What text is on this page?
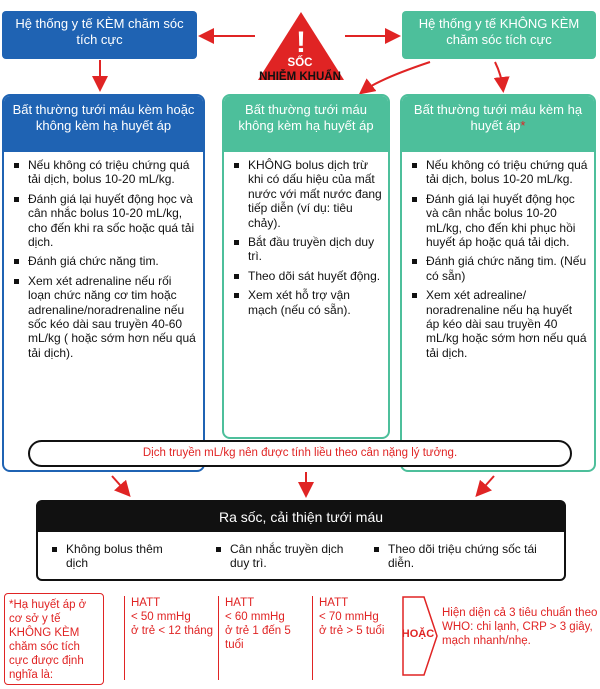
Hệ thống y tế KÈM chăm sóc tích cực
Hệ thống y tế KHÔNG KÈM chăm sóc tích cực
!
SỐC
NHIỄM KHUẨN
Bất thường tưới máu kèm hoặc không kèm hạ huyết áp
Nếu không có triệu chứng quá tải dịch, bolus 10-20 mL/kg.
Đánh giá lại huyết động học và cân nhắc bolus 10-20 mL/kg, cho đến khi ra sốc hoặc quá tải dịch.
Đánh giá chức năng tim.
Xem xét adrenaline nếu rối loạn chức năng cơ tim hoặc adrenaline/noradrenaline nếu sốc kéo dài sau truyền 40-60 mL/kg ( hoặc sớm hơn nếu quá tải dịch).
Bất thường tưới máu không kèm hạ huyết áp
KHÔNG bolus dịch trừ khi có dấu hiệu của mất nước với mất nước đang tiếp diễn (ví dụ: tiêu chảy).
Bắt đầu truyền dịch duy trì.
Theo dõi sát huyết động.
Xem xét hỗ trợ vận mạch (nếu có sẵn).
Bất thường tưới máu kèm hạ huyết áp*
Nếu không có triệu chứng quá tải dịch, bolus 10-20 mL/kg.
Đánh giá lại huyết động học và cân nhắc bolus 10-20 mL/kg, cho đến khi phục hồi huyết áp hoặc quá tải dịch.
Đánh giá chức năng tim. (Nếu có sẵn)
Xem xét adrealine/ noradrenaline nếu hạ huyết áp kéo dài sau truyền 40 mL/kg hoặc sớm hơn nếu quá tải dịch.
Dịch truyền mL/kg nên được tính liều theo cân nặng lý tưởng.
Ra sốc, cải thiện tưới máu
Không bolus thêm dịch
Cân nhắc truyền dịch duy trì.
Theo dõi triệu chứng sốc tái diễn.
*Hạ huyết áp ở cơ sở y tế KHÔNG KÈM chăm sóc tích cực được định nghĩa là:
HATT
< 50 mmHg
ở trẻ < 12 tháng
HATT
< 60 mmHg
ở trẻ 1 đến 5 tuổi
HATT
< 70 mmHg
ở trẻ > 5 tuổi	HOẶC
Hiện diện cả 3 tiêu chuẩn theo WHO: chi lạnh, CRP > 3 giây, mạch nhanh/nhẹ.
